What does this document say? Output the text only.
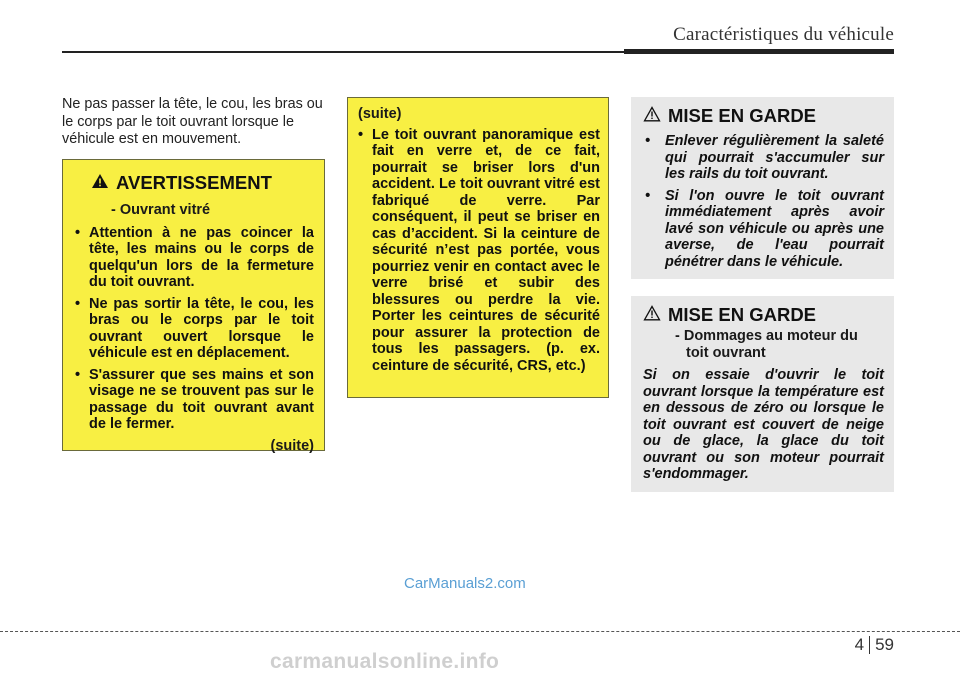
Caractéristiques du véhicule
Ne pas passer la tête, le cou, les bras ou le corps par le toit ouvrant lorsque le véhicule est en mouvement.
AVERTISSEMENT
- Ouvrant vitré
• Attention à ne pas coincer la tête, les mains ou le corps de quelqu'un lors de la fermeture du toit ouvrant.
• Ne pas sortir la tête, le cou, les bras ou le corps par le toit ouvrant ouvert lorsque le véhicule est en déplacement.
• S'assurer que ses mains et son visage ne se trouvent pas sur le passage du toit ouvrant avant de le fermer.
(suite)
(suite)
• Le toit ouvrant panoramique est fait en verre et, de ce fait, pourrait se briser lors d'un accident. Le toit ouvrant vitré est fabriqué de verre. Par conséquent, il peut se briser en cas d’accident. Si la ceinture de sécurité n’est pas portée, vous pourriez venir en contact avec le verre brisé et subir des blessures ou perdre la vie. Porter les ceintures de sécurité pour assurer la protection de tous les passagers. (p. ex. ceinture de sécurité, CRS, etc.)
MISE EN GARDE
• Enlever régulièrement la saleté qui pourrait s'accumuler sur les rails du toit ouvrant.
• Si l'on ouvre le toit ouvrant immédiatement après avoir lavé son véhicule ou après une averse, de l'eau pourrait pénétrer dans le véhicule.
MISE EN GARDE
- Dommages au moteur du toit ouvrant
Si on essaie d'ouvrir le toit ouvrant lorsque la température est en dessous de zéro ou lorsque le toit ouvrant est couvert de neige ou de glace, la glace du toit ouvrant ou son moteur pourrait s'endommager.
CarManuals2.com
4 59
carmanualsonline.info
